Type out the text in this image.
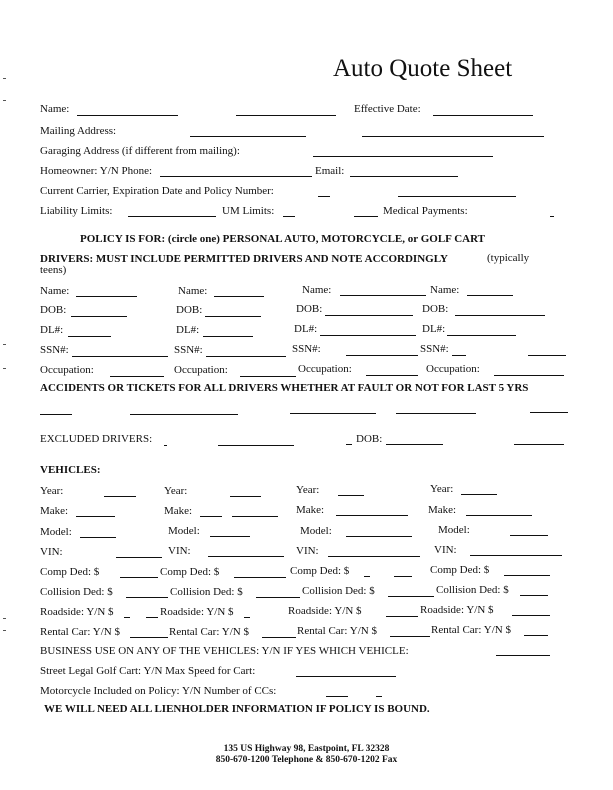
Auto Quote Sheet
Name:	Effective Date:
Mailing Address:
Garaging Address (if different from mailing):
Homeowner: Y/N Phone:	Email:
Current Carrier, Expiration Date and Policy Number:
Liability Limits:	UM Limits:	Medical Payments:
POLICY IS FOR: (circle one) PERSONAL AUTO, MOTORCYCLE, or GOLF CART
DRIVERS: MUST INCLUDE PERMITTED DRIVERS AND NOTE ACCORDINGLY	(typically
teens)
Name:	Name:	Name:	Name:
DOB:	DOB:	DOB:	DOB:
DL#:	DL#:	DL#:	DL#:
SSN#:	SSN#:	SSN#:	SSN#:
Occupation:	Occupation:	Occupation:	Occupation:
ACCIDENTS OR TICKETS FOR ALL DRIVERS WHETHER AT FAULT OR NOT FOR LAST 5 YRS
EXCLUDED DRIVERS:	DOB:
VEHICLES:
Year:	Year:	Year:	Year:
Make:	Make:	Make:	Make:
Model:	Model:	Model:	Model:
VIN:	VIN:	VIN:	VIN:
Comp Ded: $	Comp Ded: $	Comp Ded: $	Comp Ded: $
Collision Ded: $	Collision Ded: $	Collision Ded: $	Collision Ded: $
Roadside: Y/N $	Roadside: Y/N $	Roadside: Y/N $	Roadside: Y/N $
Rental Car: Y/N $	Rental Car: Y/N $	Rental Car: Y/N $	Rental Car: Y/N $
BUSINESS USE ON ANY OF THE VEHICLES: Y/N IF YES WHICH VEHICLE:
Street Legal Golf Cart: Y/N Max Speed for Cart:
Motorcycle Included on Policy: Y/N Number of CCs:
WE WILL NEED ALL LIENHOLDER INFORMATION IF POLICY IS BOUND.
135 US Highway 98, Eastpoint, FL 32328
850-670-1200 Telephone & 850-670-1202 Fax
